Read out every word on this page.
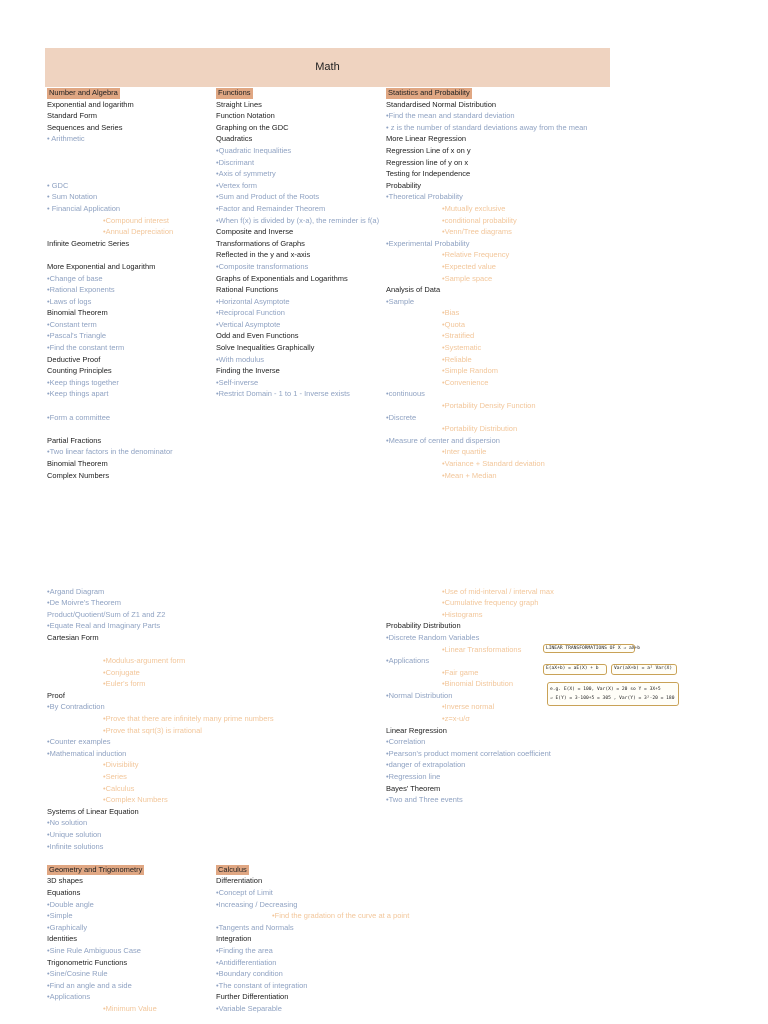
Math
Number and Algebra
Exponential and logarithm
Standard Form
Sequences and Series
• Arithmetic
• GDC
• Sum Notation
• Financial Application
•Compound interest
•Annual Depreciation
Infinite Geometric Series
More Exponential and Logarithm
•Change of base
•Rational Exponents
•Laws of logs
Binomial Theorem
•Constant term
•Pascal's Triangle
•Find the constant term
Deductive Proof
Counting Principles
•Keep things together
•Keep things apart
•Form a committee
Partial Fractions
•Two linear factors in the denominator
Binomial Theorem
Complex Numbers
•Argand Diagram
•De Moivre's Theorem
Product/Quotient/Sum of Z1 and Z2
•Equate Real and Imaginary Parts
Cartesian Form
•Modulus-argument form
•Conjugate
•Euler's form
Proof
•By Contradiction
•Prove that there are infinitely many prime numbers
•Prove that sqrt(3) is irrational
•Counter examples
•Mathematical induction
•Divisibility
•Series
•Calculus
•Complex Numbers
Systems of Linear Equation
•No solution
•Unique solution
•Infinite solutions
Geometry and Trigonometry
3D shapes
Equations
•Double angle
•Simple
•Graphically
Identities
•Sine Rule Ambiguous Case
Trigonometric Functions
•Sine/Cosine Rule
•Find an angle and a side
•Applications
•Minimum Value
Functions
Straight Lines
Function Notation
Graphing on the GDC
Quadratics
•Quadratic Inequalities
•Discrimant
•Axis of symmetry
•Vertex form
•Sum and Product of the Roots
•Factor and Remainder Theorem
•When f(x) is divided by (x-a), the reminder is f(a)
Composite and Inverse
Transformations of Graphs
Reflected in the y and x-axis
•Composite transformations
Graphs of Exponentials and Logarithms
Rational Functions
•Horizontal Asymptote
•Reciprocal Function
•Vertical Asymptote
Odd and Even Functions
Solve Inequalities Graphically
•With modulus
Finding the Inverse
•Self-inverse
•Restrict Domain - 1 to 1 - Inverse exists
Calculus
Differentiation
•Concept of Limit
•Increasing / Decreasing
•Find the gradation of the curve at a point
•Tangents and Normals
Integration
•Finding the area
•Antidifferentiation
•Boundary condition
•The constant of integration
Further Differentiation
•Variable Separable
Statistics and Probability
Standardised Normal Distribution
•Find the mean and standard deviation
• z is the number of standard deviations away from the mean
More Linear Regression
Regression Line of x on y
Regression line of y on x
Testing for Independence
Probability
•Theoretical Probability
•Mutually exclusive
•conditional probability
•Venn/Tree diagrams
•Experimental Probability
•Relative Frequency
•Expected value
•Sample space
Analysis of Data
•Sample
•Bias
•Quota
•Stratified
•Systematic
•Reliable
•Simple Random
•Convenience
•continuous
•Portability Density Function
•Discrete
•Portability Distribution
•Measure of center and dispersion
•Inter quartile
•Variance + Standard deviation
•Mean + Median
•Use of mid-interval / interval max
•Cumulative frequency graph
•Histograms
Probability Distribution
•Discrete Random Variables
•Linear Transformations
•Applications
•Fair game
•Binomial Distribution
•Normal Distribution
•Inverse normal
•z=x-u/σ
Linear Regression
•Correlation
•Pearson's product moment correlation coefficient
•danger of extrapolation
•Regression line
Bayes' Theorem
•Two and Three events
LINEAR TRANSFORMATIONS OF X ⇒ aX+b
E(aX+b) = aE(X) + b	Var(aX+b) = a² Var(X)
e.g. E(X) = 100, Var(X) = 20 so Y = 3X+5
⇒ E(Y) = 3·100+5 = 305 , Var(Y) = 3²·20 = 180
